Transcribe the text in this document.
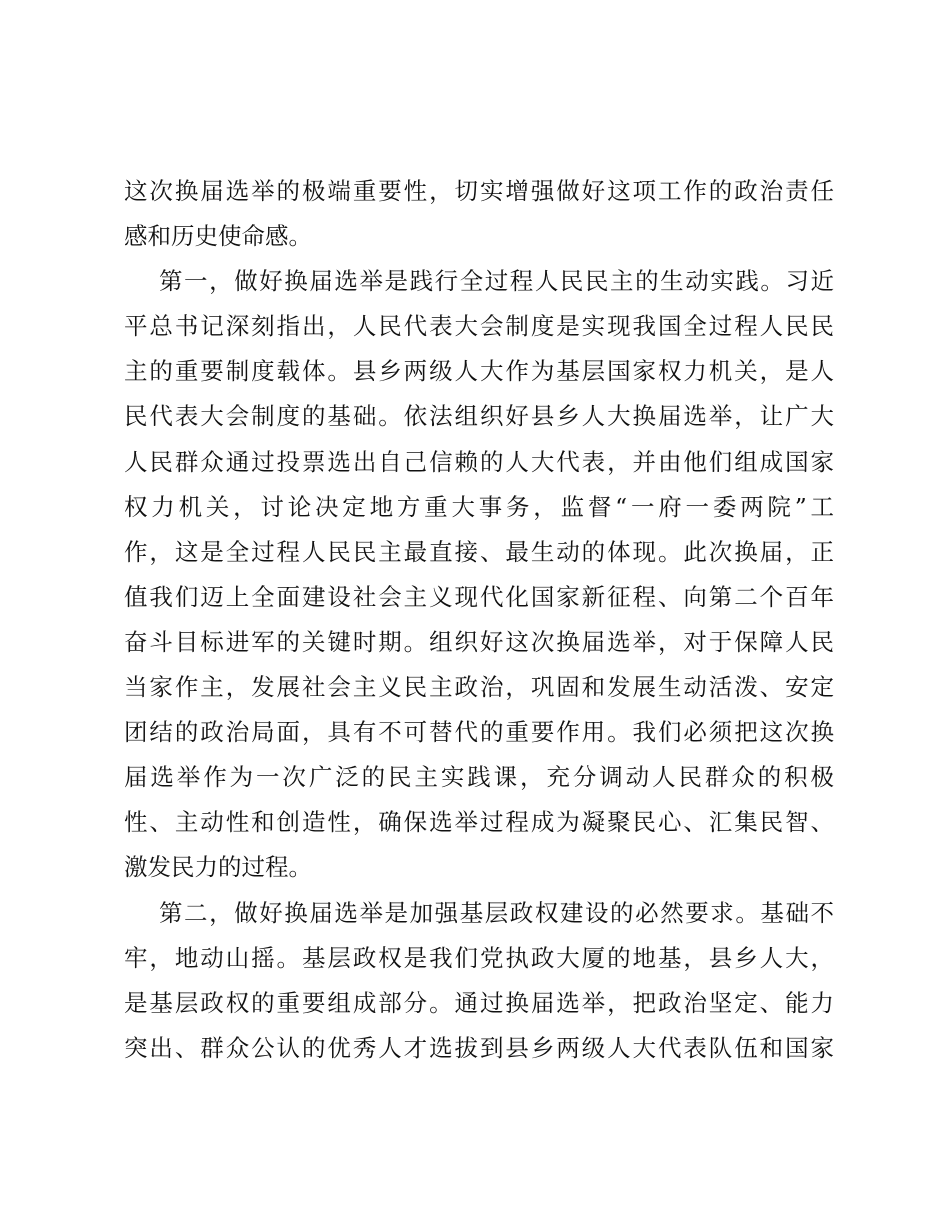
这次换届选举的极端重要性，切实增强做好这项工作的政治责任
感和历史使命感。
第一，做好换届选举是践行全过程人民民主的生动实践。习近
平总书记深刻指出，人民代表大会制度是实现我国全过程人民民
主的重要制度载体。县乡两级人大作为基层国家权力机关，是人
民代表大会制度的基础。依法组织好县乡人大换届选举，让广大
人民群众通过投票选出自己信赖的人大代表，并由他们组成国家
权力机关，讨论决定地方重大事务，监督“一府一委两院”工
作，这是全过程人民民主最直接、最生动的体现。此次换届，正
值我们迈上全面建设社会主义现代化国家新征程、向第二个百年
奋斗目标进军的关键时期。组织好这次换届选举，对于保障人民
当家作主，发展社会主义民主政治，巩固和发展生动活泼、安定
团结的政治局面，具有不可替代的重要作用。我们必须把这次换
届选举作为一次广泛的民主实践课，充分调动人民群众的积极
性、主动性和创造性，确保选举过程成为凝聚民心、汇集民智、
激发民力的过程。
第二，做好换届选举是加强基层政权建设的必然要求。基础不
牢，地动山摇。基层政权是我们党执政大厦的地基，县乡人大，
是基层政权的重要组成部分。通过换届选举，把政治坚定、能力
突出、群众公认的优秀人才选拔到县乡两级人大代表队伍和国家
